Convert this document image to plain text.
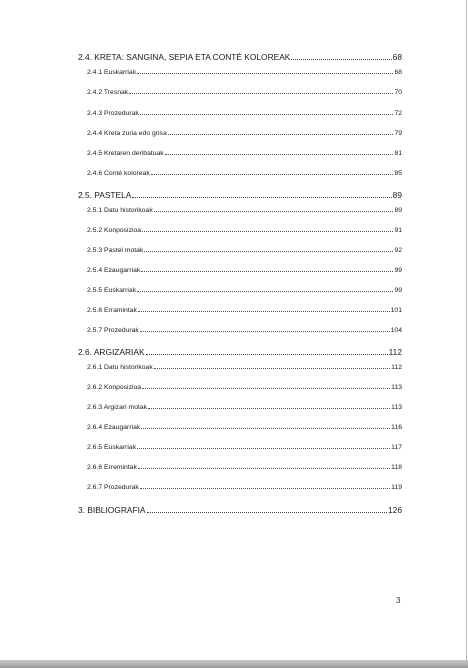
2.4. KRETA: SANGINA, SEPIA ETA CONTÉ KOLOREAK	68
2.4.1 Euskarriak	68
2.4.2 Tresnak	70
2.4.3 Prozedurak	72
2.4.4 Kreta zuria edo grisa	79
2.4.5 Kretaren deribatuak	81
2.4.6 Conté koloreak	85
2.5. PASTELA	89
2.5.1 Datu historikoak	89
2.5.2 Konposizioa	91
2.5.3 Pastel motak	92
2.5.4 Ezaugarriak	99
2.5.5 Euskarriak	99
2.5.6 Erramintak	101
2.5.7 Prozedurak	104
2.6. ARGIZARIAK	112
2.6.1 Datu historikoak	112
2.6.2 Konposizioa	113
2.6.3 Argizari motak	113
2.6.4 Ezaugarriak	116
2.6.5 Euskarriak	117
2.6.6 Erremintak	118
2.6.7 Prozedurak	119
3. BIBLIOGRAFIA	126
3
